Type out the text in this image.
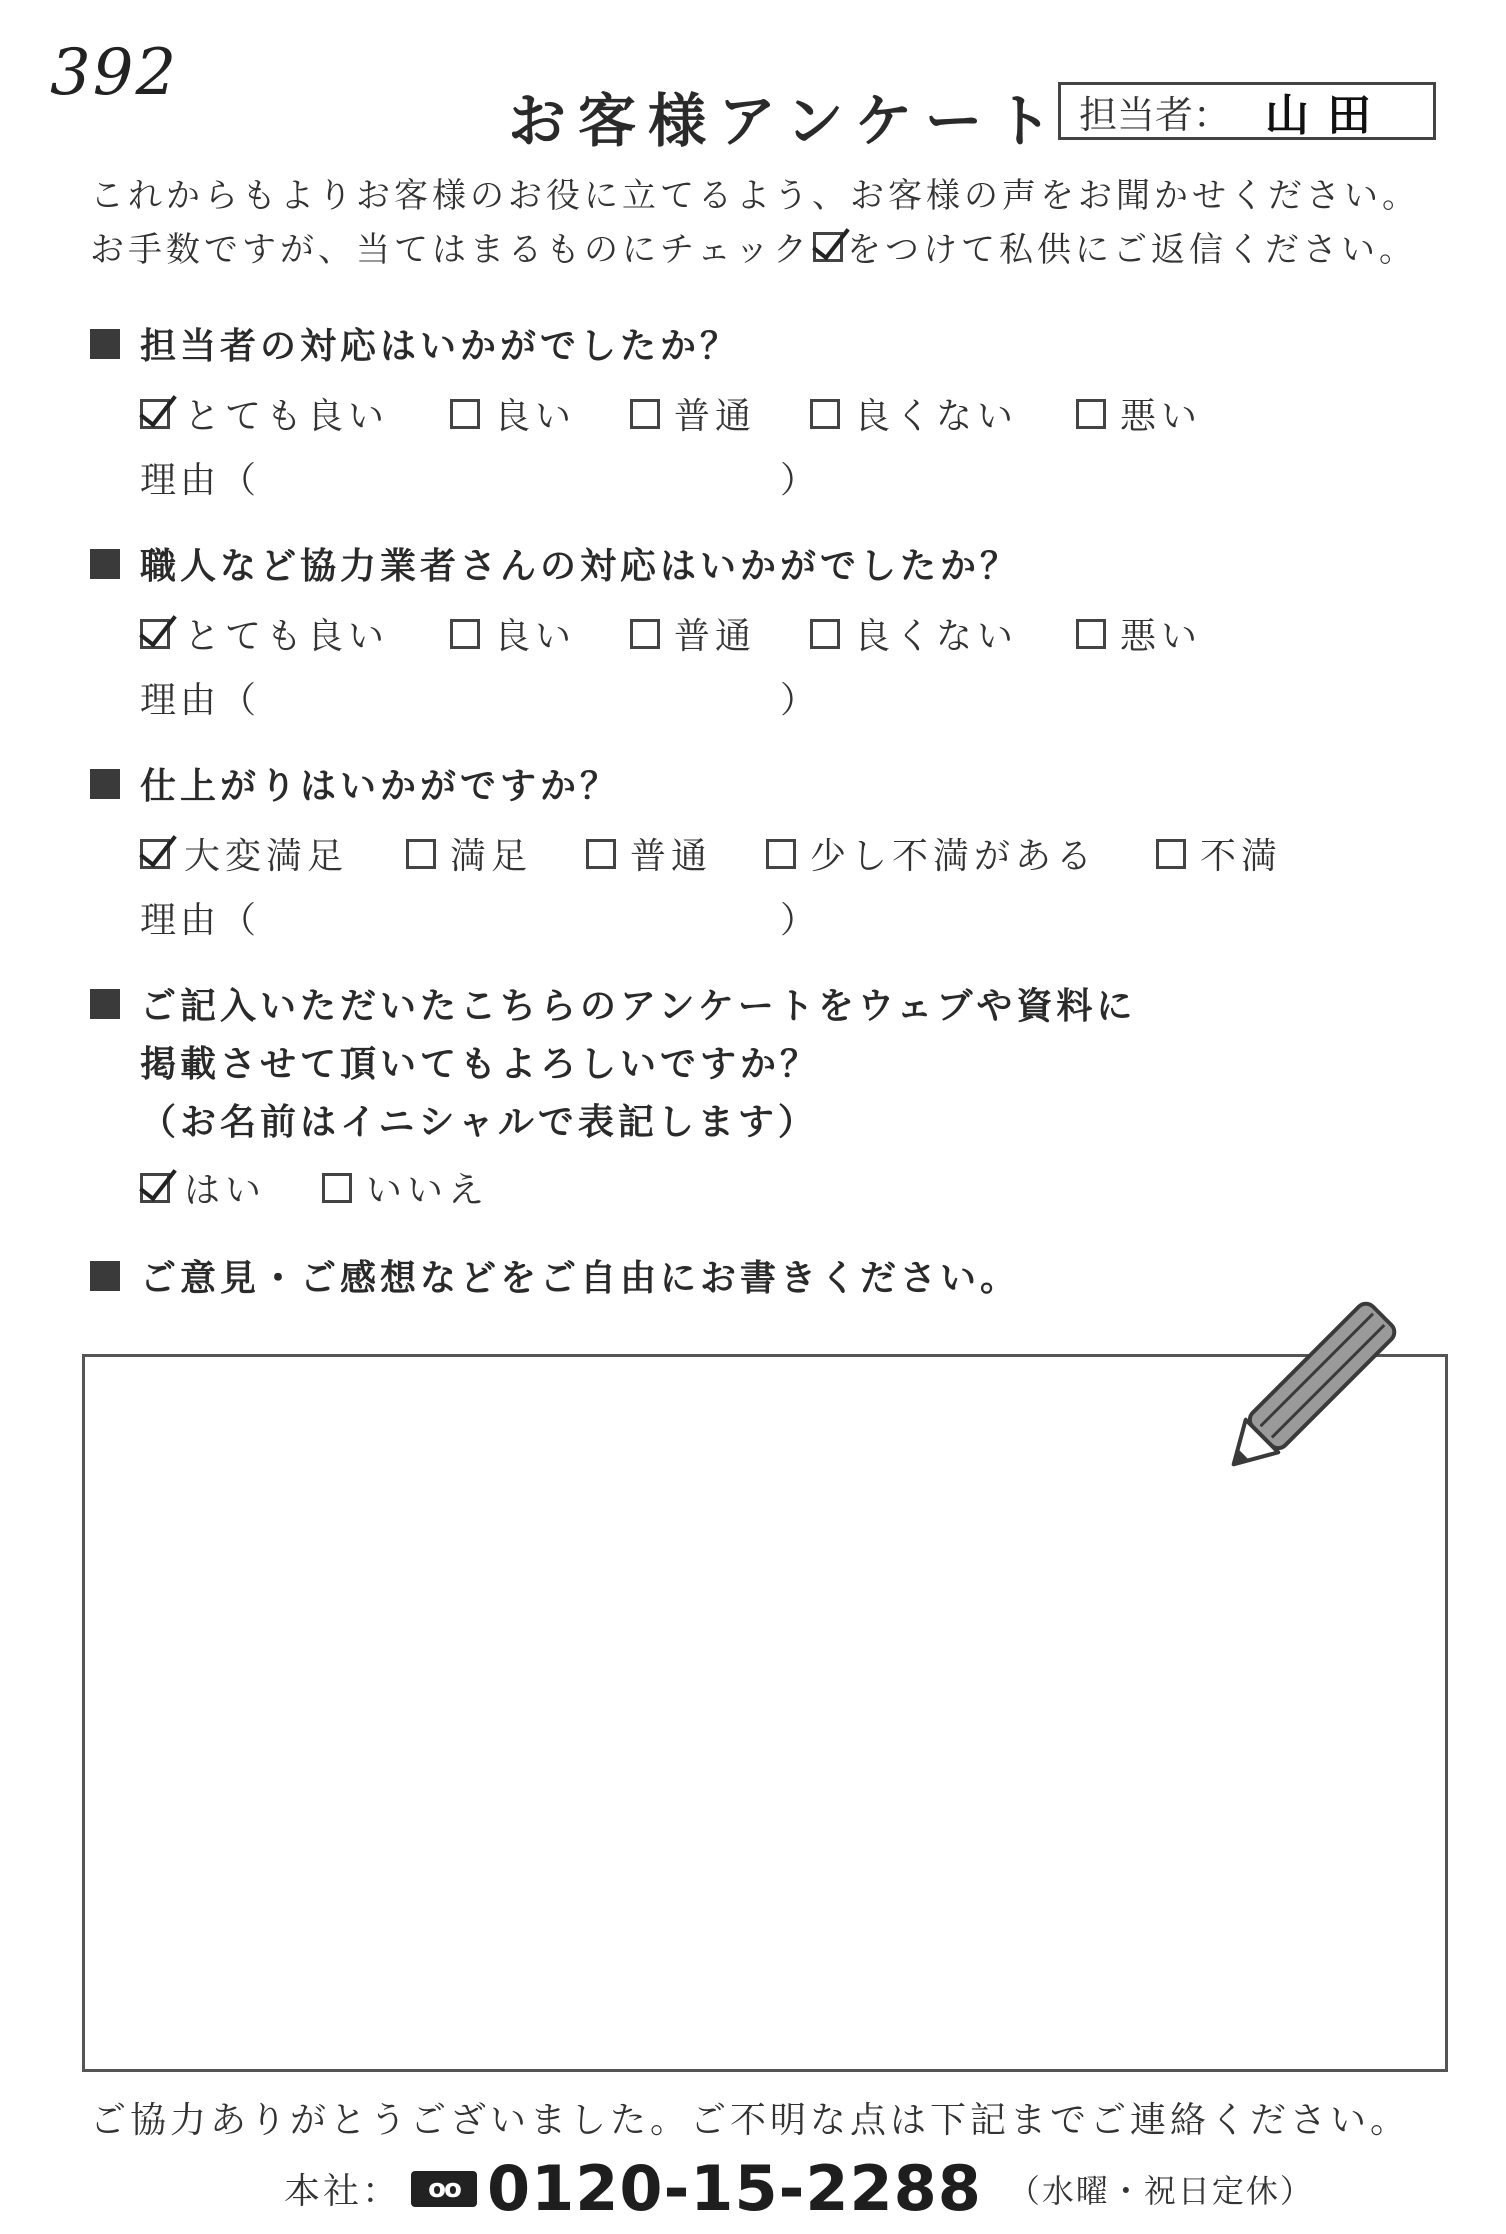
392
お客様アンケート 担当者： 山田
これからもよりお客様のお役に立てるよう、お客様の声をお聞かせください。
お手数ですが、当てはまるものにチェック をつけて私供にご返信ください。
担当者の対応はいかがでしたか？
とても良い	良い	普通	良くない	悪い
理由（	）
職人など協力業者さんの対応はいかがでしたか？
とても良い	良い	普通	良くない	悪い
理由（	）
仕上がりはいかがですか？
大変満足	満足	普通	少し不満がある	不満
理由（	）
ご記入いただいたこちらのアンケートをウェブや資料に
掲載させて頂いてもよろしいですか？
（お名前はイニシャルで表記します）
はい	いいえ
ご意見・ご感想などをご自由にお書きください。
ご協力ありがとうございました。ご不明な点は下記までご連絡ください。
本社：	oo 0120-15-2288 （水曜・祝日定休）
